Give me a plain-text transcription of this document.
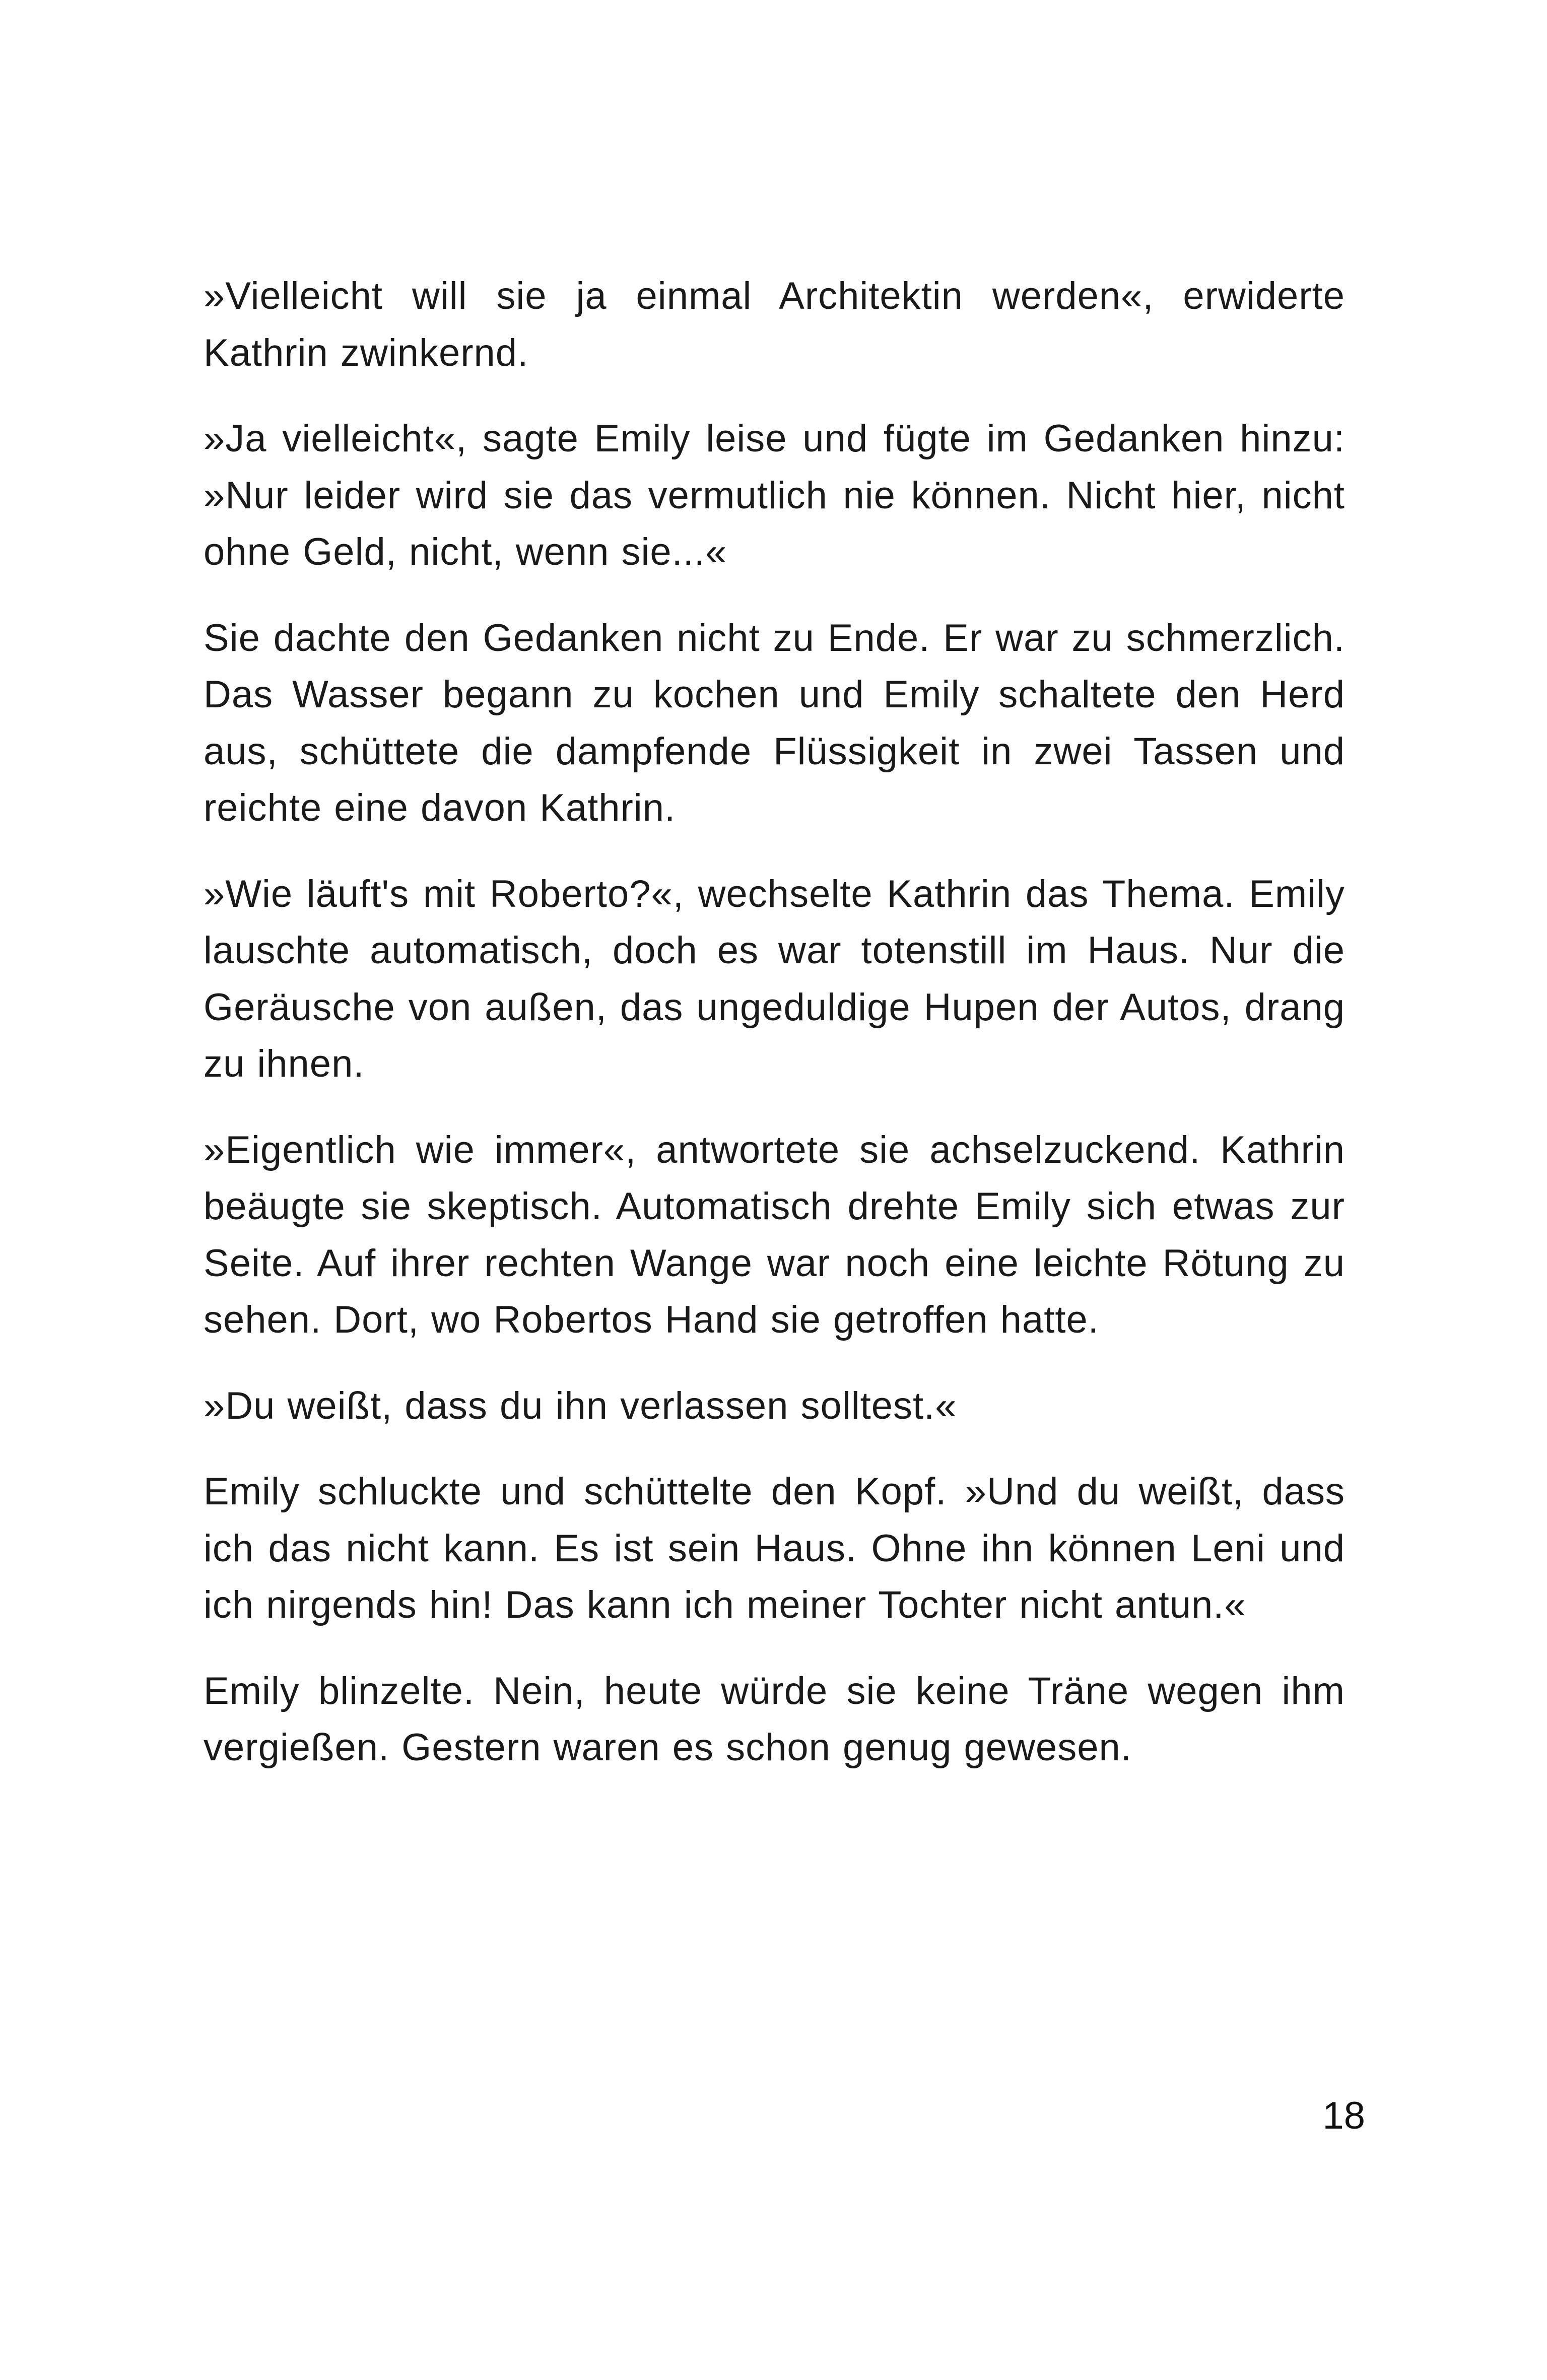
»Vielleicht will sie ja einmal Architektin werden«, erwiderte Kathrin zwinkernd.

»Ja vielleicht«, sagte Emily leise und fügte im Gedanken hinzu: »Nur leider wird sie das vermutlich nie können. Nicht hier, nicht ohne Geld, nicht, wenn sie...«

Sie dachte den Gedanken nicht zu Ende. Er war zu schmerzlich. Das Wasser begann zu kochen und Emily schaltete den Herd aus, schüttete die dampfende Flüssigkeit in zwei Tassen und reichte eine davon Kathrin.

»Wie läuft's mit Roberto?«, wechselte Kathrin das Thema. Emily lauschte automatisch, doch es war totenstill im Haus. Nur die Geräusche von außen, das ungeduldige Hupen der Autos, drang zu ihnen.

»Eigentlich wie immer«, antwortete sie achselzuckend. Kathrin beäugte sie skeptisch. Automatisch drehte Emily sich etwas zur Seite. Auf ihrer rechten Wange war noch eine leichte Rötung zu sehen. Dort, wo Robertos Hand sie getroffen hatte.

»Du weißt, dass du ihn verlassen solltest.«

Emily schluckte und schüttelte den Kopf. »Und du weißt, dass ich das nicht kann. Es ist sein Haus. Ohne ihn können Leni und ich nirgends hin! Das kann ich meiner Tochter nicht antun.«

Emily blinzelte. Nein, heute würde sie keine Träne wegen ihm vergießen. Gestern waren es schon genug gewesen.

18
